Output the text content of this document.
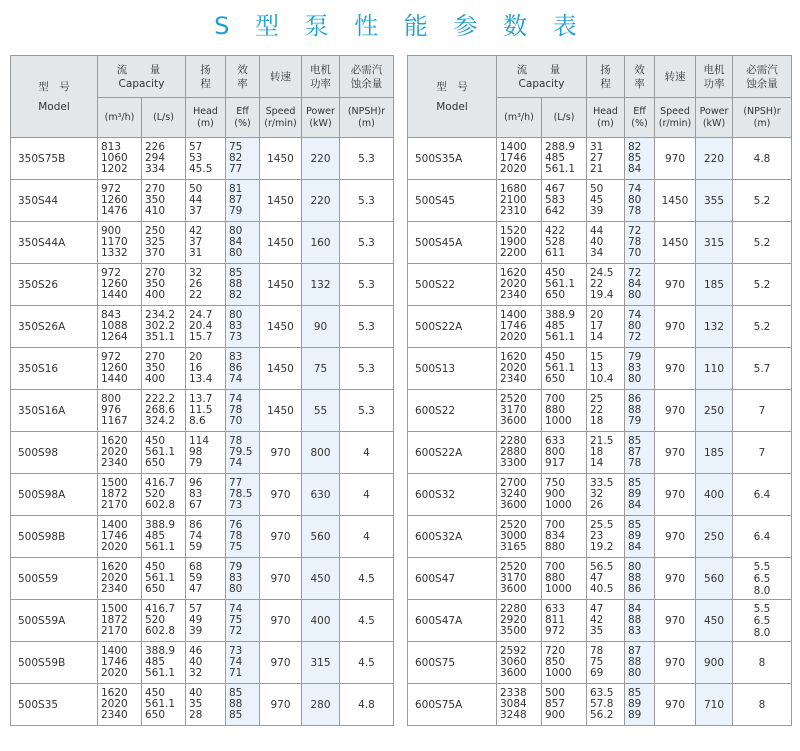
S 型 泵 性 能 参 数 表
型　号
Model	流　量
Capacity		扬
程	效
率	转速	电机
功率	必需汽
蚀余量

	(m³/h)	(L/s)	Head
(m)	Eff
(%)	Speed
(r/min)	Power
(kW)	(NPSH)r
(m)

350S75B	813
1060
1202	226
294
334	57
53
45.5	75
82
77	1450	220	5.3

350S44	972
1260
1476	270
350
410	50
44
37	81
87
79	1450	220	5.3

350S44A	900
1170
1332	250
325
370	42
37
31	80
84
80	1450	160	5.3

350S26	972
1260
1440	270
350
400	32
26
22	85
88
82	1450	132	5.3

350S26A	843
1088
1264	234.2
302.2
351.1	24.7
20.4
15.7	80
83
73	1450	90	5.3

350S16	972
1260
1440	270
350
400	20
16
13.4	83
86
74	1450	75	5.3

350S16A	800
976
1167	222.2
268.6
324.2	13.7
11.5
8.6	74
78
70	1450	55	5.3

500S98	1620
2020
2340	450
561.1
650	114
98
79	78
79.5
74	970	800	4

500S98A	1500
1872
2170	416.7
520
602.8	96
83
67	77
78.5
73	970	630	4

500S98B	1400
1746
2020	388.9
485
561.1	86
74
59	76
78
75	970	560	4

500S59	1620
2020
2340	450
561.1
650	68
59
47	79
83
80	970	450	4.5

500S59A	1500
1872
2170	416.7
520
602.8	57
49
39	74
75
72	970	400	4.5

500S59B	1400
1746
2020	388.9
485
561.1	46
40
32	73
74
71	970	315	4.5

500S35	1620
2020
2340	450
561.1
650	40
35
28	85
88
85	970	280	4.8
型　号
Model	流　量
Capacity		扬
程	效
率	转速	电机
功率	必需汽
蚀余量

	(m³/h)	(L/s)	Head
(m)	Eff
(%)	Speed
(r/min)	Power
(kW)	(NPSH)r
(m)

500S35A	1400
1746
2020	288.9
485
561.1	31
27
21	82
85
84	970	220	4.8

500S45	1680
2100
2310	467
583
642	50
45
39	74
80
78	1450	355	5.2

500S45A	1520
1900
2200	422
528
611	44
40
34	72
78
70	1450	315	5.2

500S22	1620
2020
2340	450
561.1
650	24.5
22
19.4	72
84
80	970	185	5.2

500S22A	1400
1746
2020	388.9
485
561.1	20
17
14	74
80
72	970	132	5.2

500S13	1620
2020
2340	450
561.1
650	15
13
10.4	79
83
80	970	110	5.7

600S22	2520
3170
3600	700
880
1000	25
22
18	86
88
79	970	250	7

600S22A	2280
2880
3300	633
800
917	21.5
18
14	85
87
78	970	185	7

600S32	2700
3240
3600	750
900
1000	33.5
32
26	85
89
84	970	400	6.4

600S32A	2520
3000
3165	700
834
880	25.5
23
19.2	85
89
84	970	250	6.4

600S47	2520
3170
3600	700
880
1000	56.5
47
40.5	80
88
86	970	560	5.5
6.5
8.0

600S47A	2280
2920
3500	633
811
972	47
42
35	84
88
83	970	450	5.5
6.5
8.0

600S75	2592
3060
3600	720
850
1000	78
75
69	87
88
80	970	900	8

600S75A	2338
3084
3248	500
857
900	63.5
57.8
56.2	85
89
89	970	710	8
